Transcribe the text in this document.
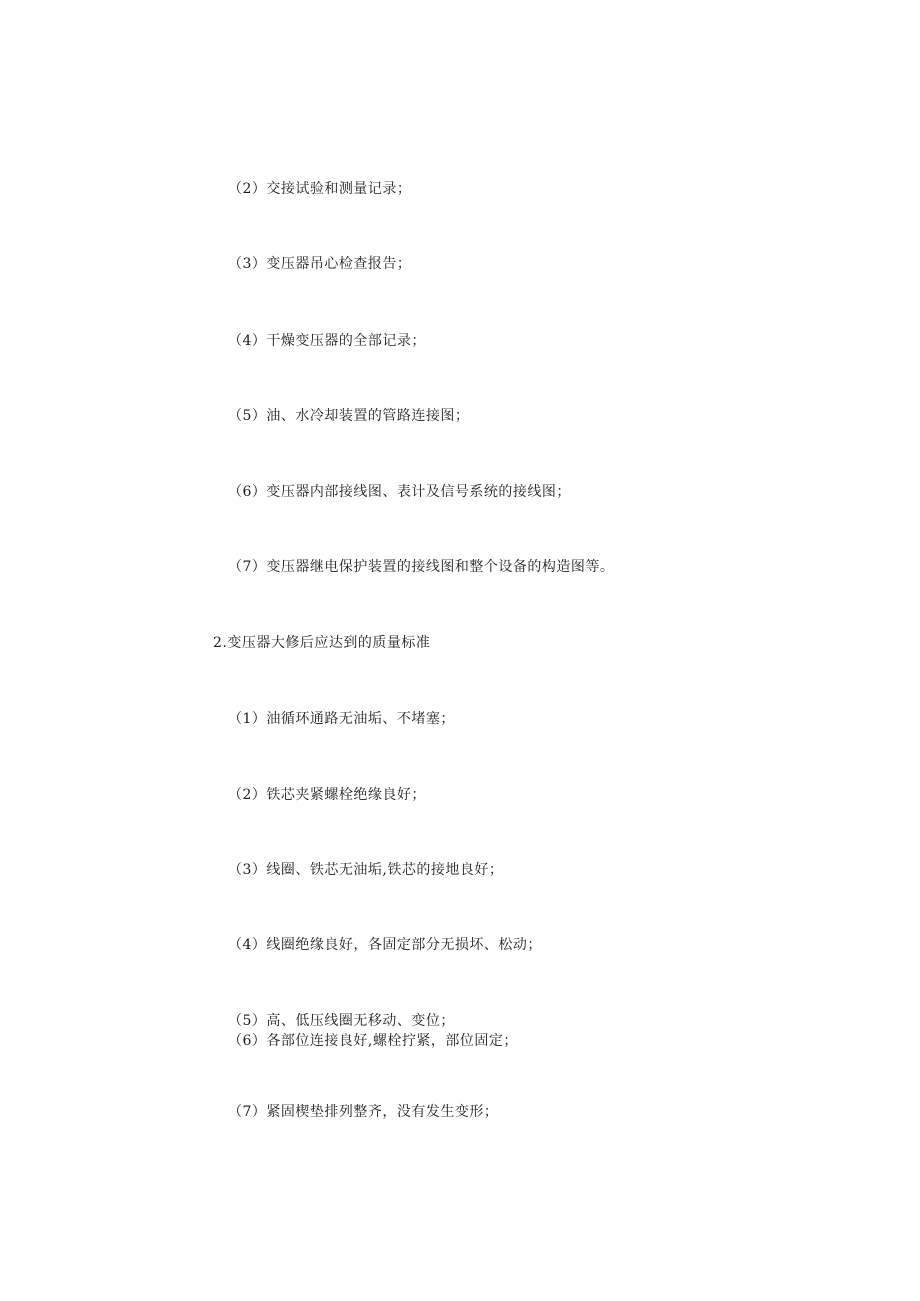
（2）交接试验和测量记录；
（3）变压器吊心检查报告；
（4）干燥变压器的全部记录；
（5）油、水冷却装置的管路连接图；
（6）变压器内部接线图、表计及信号系统的接线图；
（7）变压器继电保护装置的接线图和整个设备的构造图等。
2.变压器大修后应达到的质量标准
（1）油循环通路无油垢、不堵塞；
（2）铁芯夹紧螺栓绝缘良好；
（3）线圈、铁芯无油垢,铁芯的接地良好；
（4）线圈绝缘良好，各固定部分无损坏、松动；
（5）高、低压线圈无移动、变位；
（6）各部位连接良好,螺栓拧紧，部位固定；
（7）紧固楔垫排列整齐，没有发生变形；
